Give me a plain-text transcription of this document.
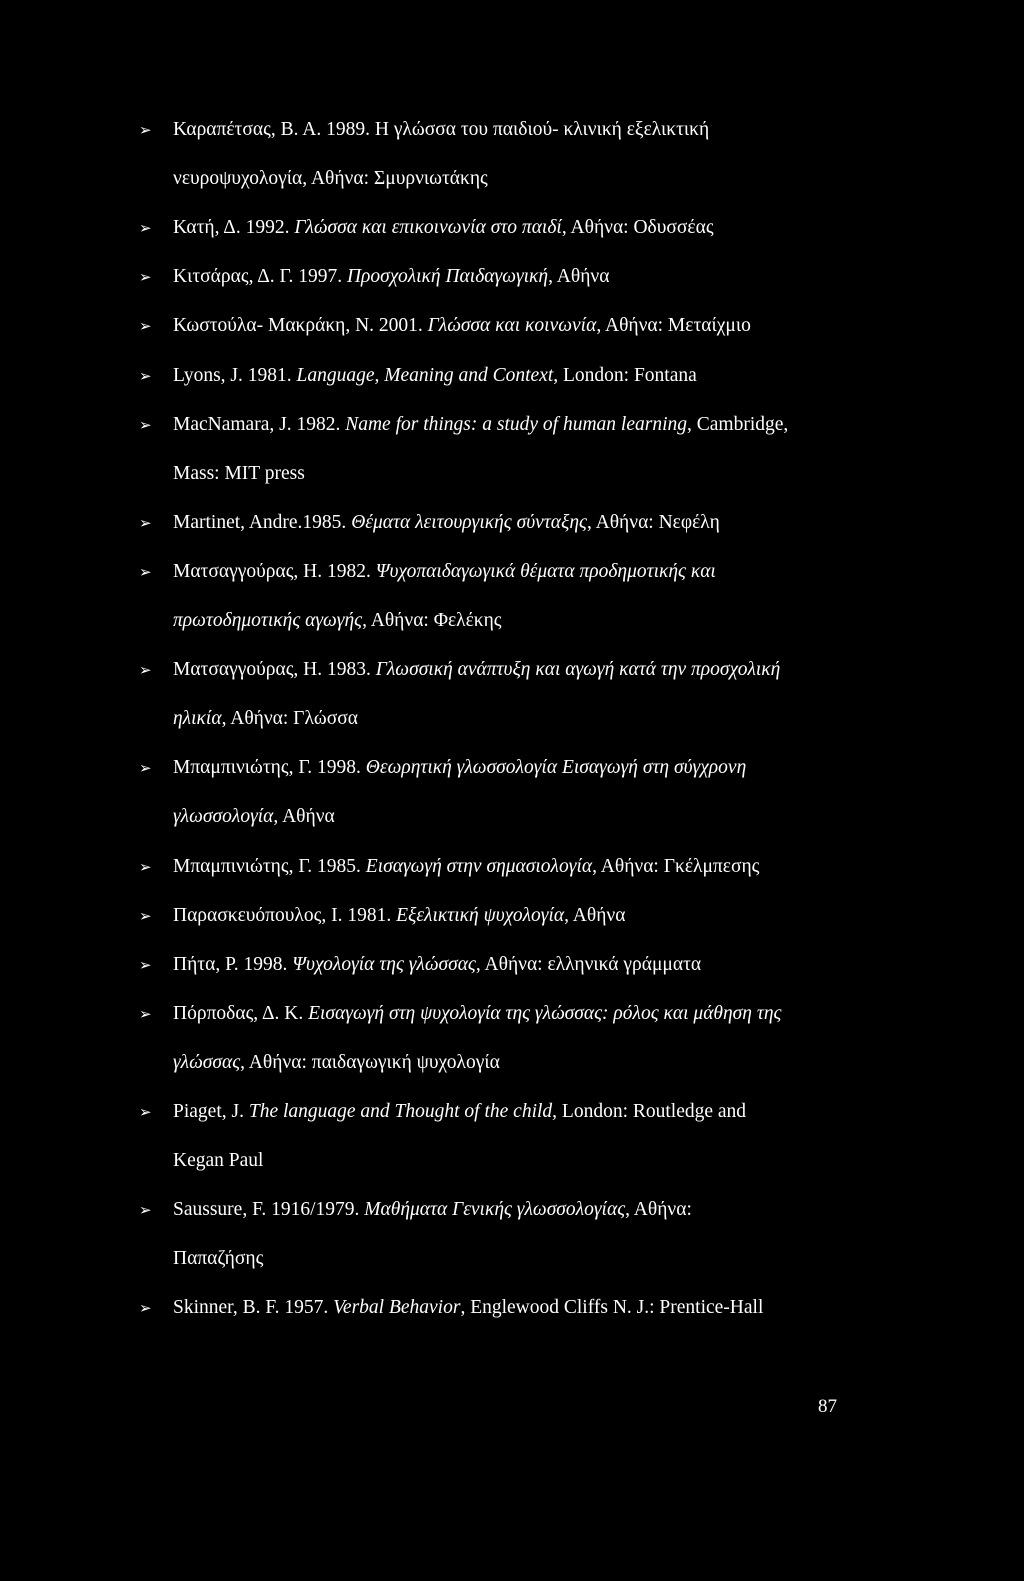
➢ Καραπέτσας, Β. Α. 1989. Η γλώσσα του παιδιού- κλινική εξελικτική
νευροψυχολογία, Αθήνα: Σμυρνιωτάκης
➢ Κατή, Δ. 1992. Γλώσσα και επικοινωνία στο παιδί, Αθήνα: Οδυσσέας
➢ Κιτσάρας, Δ. Γ. 1997. Προσχολική Παιδαγωγική, Αθήνα
➢ Κωστούλα- Μακράκη, Ν. 2001. Γλώσσα και κοινωνία, Αθήνα: Μεταίχμιο
➢ Lyons, J. 1981. Language, Meaning and Context, London: Fontana
➢ MacNamara, J. 1982. Name for things: a study of human learning, Cambridge,
Mass: MIT press
➢ Martinet, Andre.1985. Θέματα λειτουργικής σύνταξης, Αθήνα: Νεφέλη
➢ Ματσαγγούρας, Η. 1982. Ψυχοπαιδαγωγικά θέματα προδημοτικής και
πρωτοδημοτικής αγωγής, Αθήνα: Φελέκης
➢ Ματσαγγούρας, Η. 1983. Γλωσσική ανάπτυξη και αγωγή κατά την προσχολική
ηλικία, Αθήνα: Γλώσσα
➢ Μπαμπινιώτης, Γ. 1998. Θεωρητική γλωσσολογία Εισαγωγή στη σύγχρονη
γλωσσολογία, Αθήνα
➢ Μπαμπινιώτης, Γ. 1985. Εισαγωγή στην σημασιολογία, Αθήνα: Γκέλμπεσης
➢ Παρασκευόπουλος, Ι. 1981. Εξελικτική ψυχολογία, Αθήνα
➢ Πήτα, Ρ. 1998. Ψυχολογία της γλώσσας, Αθήνα: ελληνικά γράμματα
➢ Πόρποδας, Δ. Κ. Εισαγωγή στη ψυχολογία της γλώσσας: ρόλος και μάθηση της
γλώσσας, Αθήνα: παιδαγωγική ψυχολογία
➢ Piaget, J. The language and Thought of the child, London: Routledge and
Kegan Paul
➢ Saussure, F. 1916/1979. Μαθήματα Γενικής γλωσσολογίας, Αθήνα:
Παπαζήσης
➢ Skinner, B. F. 1957. Verbal Behavior, Englewood Cliffs N. J.: Prentice-Hall
87
